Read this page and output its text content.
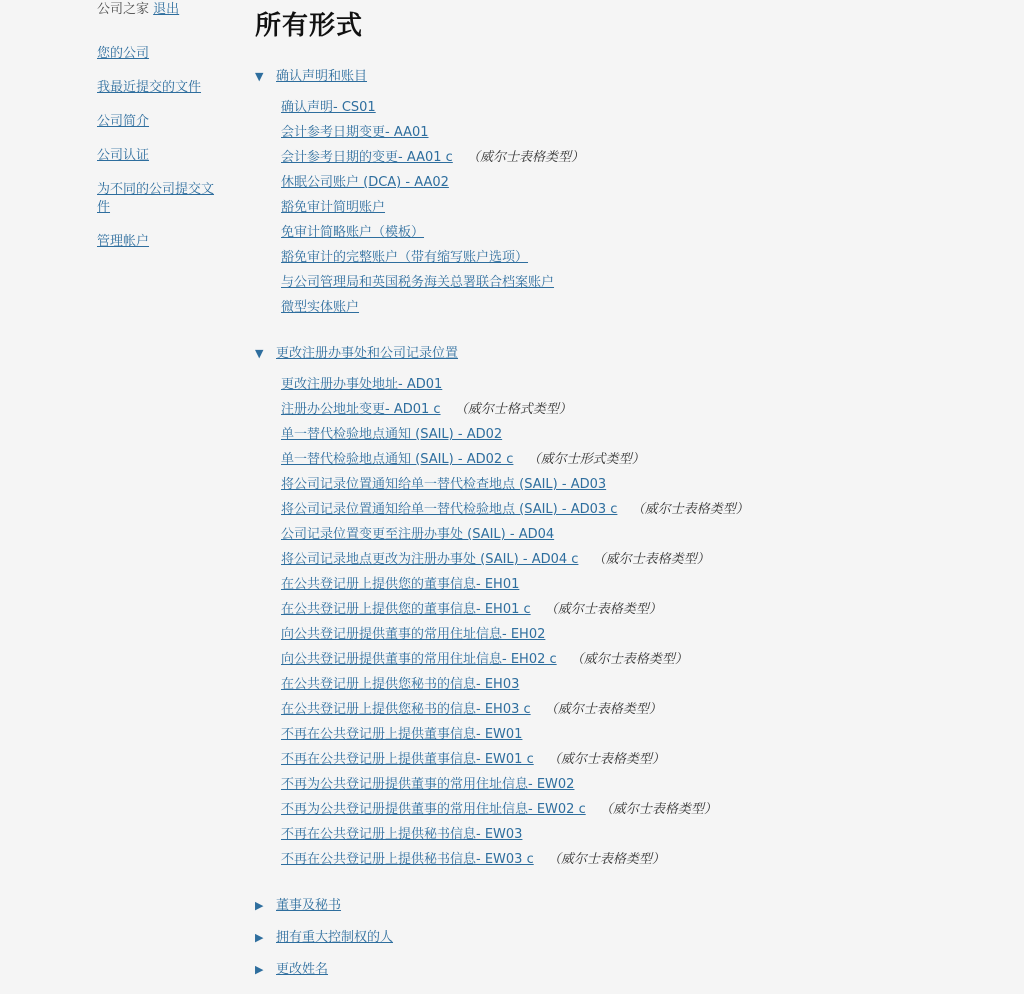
公司之家 退出
您的公司
我最近提交的文件
公司简介
公司认证
为不同的公司提交文件
管理帐户
所有形式
▼ 确认声明和账目
确认声明- CS01
会计参考日期变更- AA01
会计参考日期的变更- AA01 c （威尔士表格类型）
休眠公司账户 (DCA) - AA02
豁免审计简明账户
免审计简略账户（模板）
豁免审计的完整账户（带有缩写账户选项）
与公司管理局和英国税务海关总署联合档案账户
微型实体账户
▼ 更改注册办事处和公司记录位置
更改注册办事处地址- AD01
注册办公地址变更- AD01 c （威尔士格式类型）
单一替代检验地点通知 (SAIL) - AD02
单一替代检验地点通知 (SAIL) - AD02 c （威尔士形式类型）
将公司记录位置通知给单一替代检查地点 (SAIL) - AD03
将公司记录位置通知给单一替代检验地点 (SAIL) - AD03 c （威尔士表格类型）
公司记录位置变更至注册办事处 (SAIL) - AD04
将公司记录地点更改为注册办事处 (SAIL) - AD04 c （威尔士表格类型）
在公共登记册上提供您的董事信息- EH01
在公共登记册上提供您的董事信息- EH01 c （威尔士表格类型）
向公共登记册提供董事的常用住址信息- EH02
向公共登记册提供董事的常用住址信息- EH02 c （威尔士表格类型）
在公共登记册上提供您秘书的信息- EH03
在公共登记册上提供您秘书的信息- EH03 c （威尔士表格类型）
不再在公共登记册上提供董事信息- EW01
不再在公共登记册上提供董事信息- EW01 c （威尔士表格类型）
不再为公共登记册提供董事的常用住址信息- EW02
不再为公共登记册提供董事的常用住址信息- EW02 c （威尔士表格类型）
不再在公共登记册上提供秘书信息- EW03
不再在公共登记册上提供秘书信息- EW03 c （威尔士表格类型）
▶ 董事及秘书
▶ 拥有重大控制权的人
▶ 更改姓名
